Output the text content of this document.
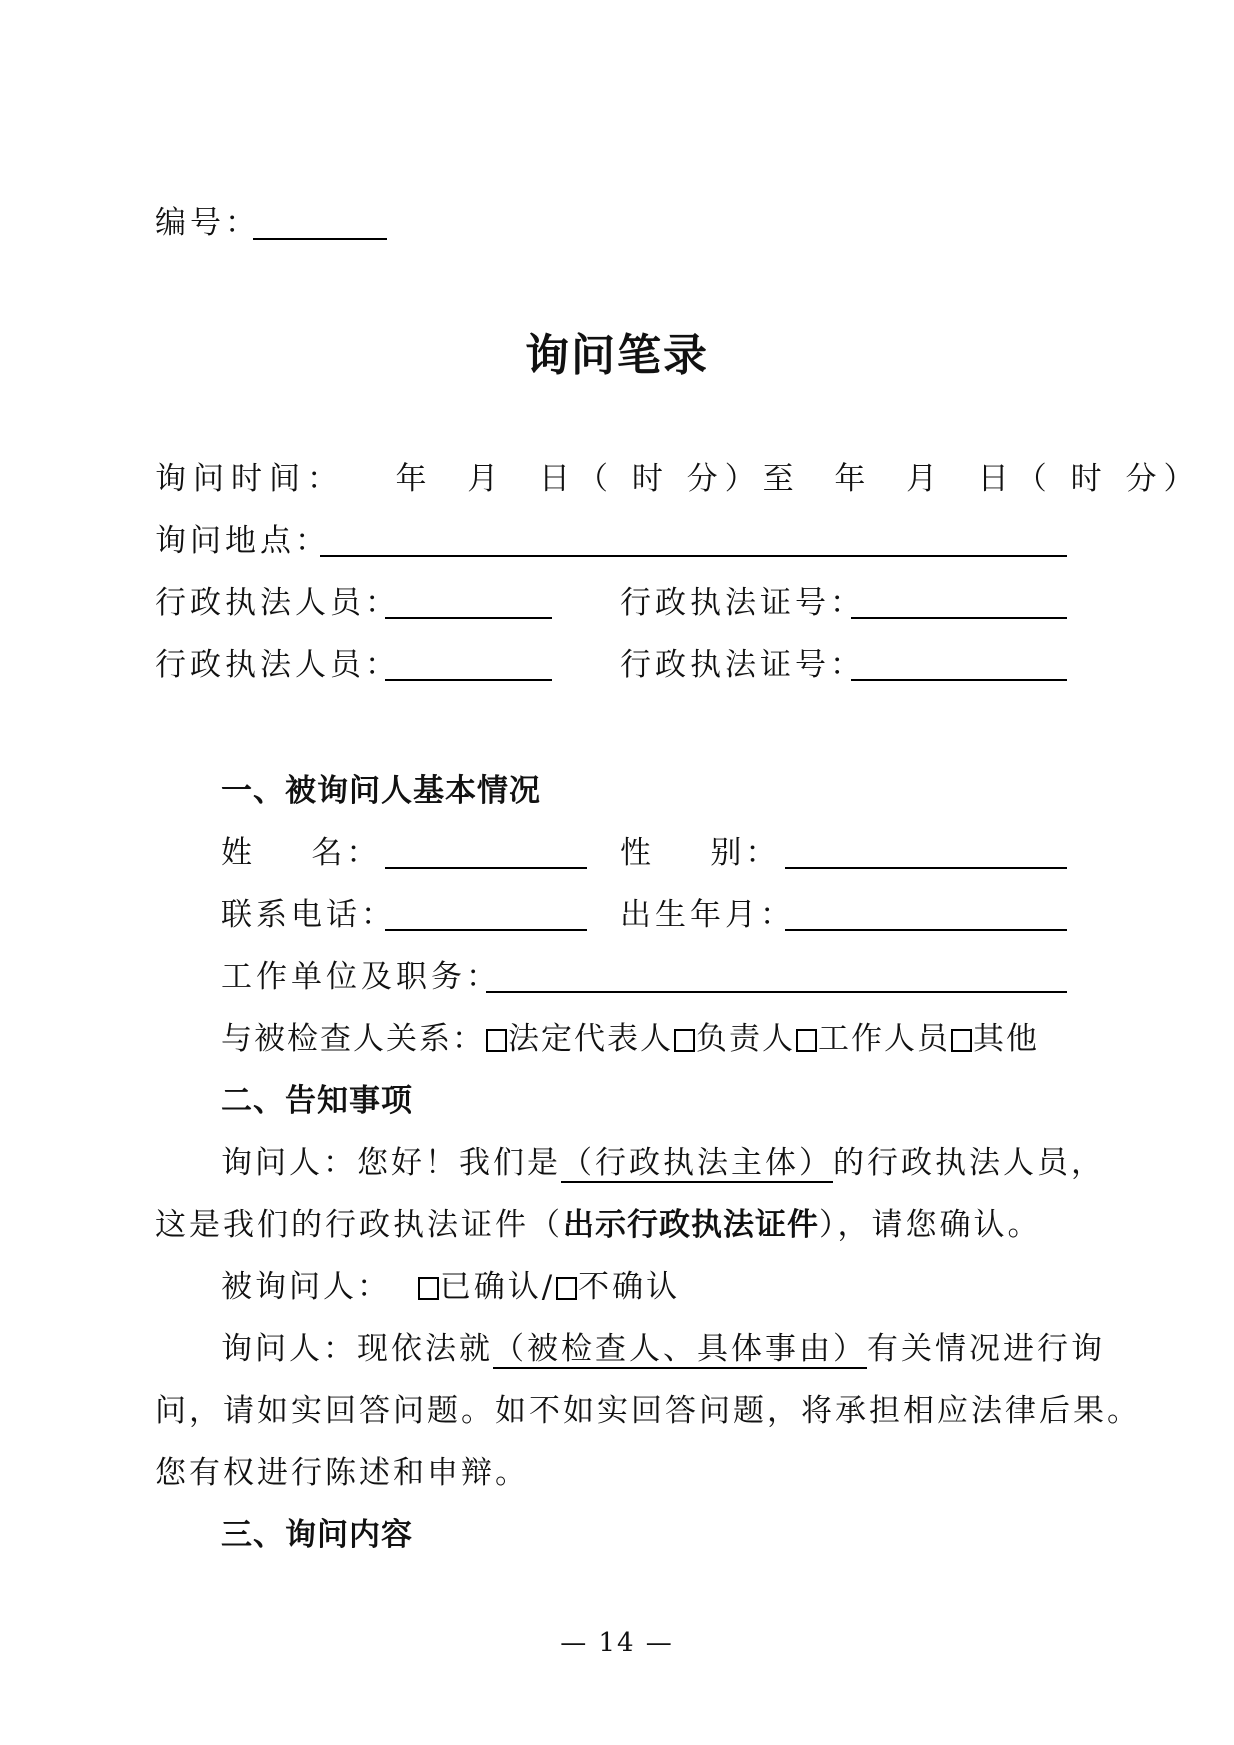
编号：
询问笔录
询问时间：   年  月  日（ 时 分）至  年  月  日（ 时 分）
询问地点：
行政执法人员：	行政执法证号：
行政执法人员：	行政执法证号：
一、被询问人基本情况
姓    名：	性    别：
联系电话：	出生年月：
工作单位及职务：
与被检查人关系： 法定代表人 负责人 工作人员 其他
二、告知事项
询问人：您好！我们是（行政执法主体）的行政执法人员，
这是我们的行政执法证件（出示行政执法证件），请您确认。
被询问人： 已确认/ 不确认
询问人：现依法就（被检查人、具体事由）有关情况进行询
问，请如实回答问题。如不如实回答问题，将承担相应法律后果。
您有权进行陈述和申辩。
三、询问内容
— 14 —
